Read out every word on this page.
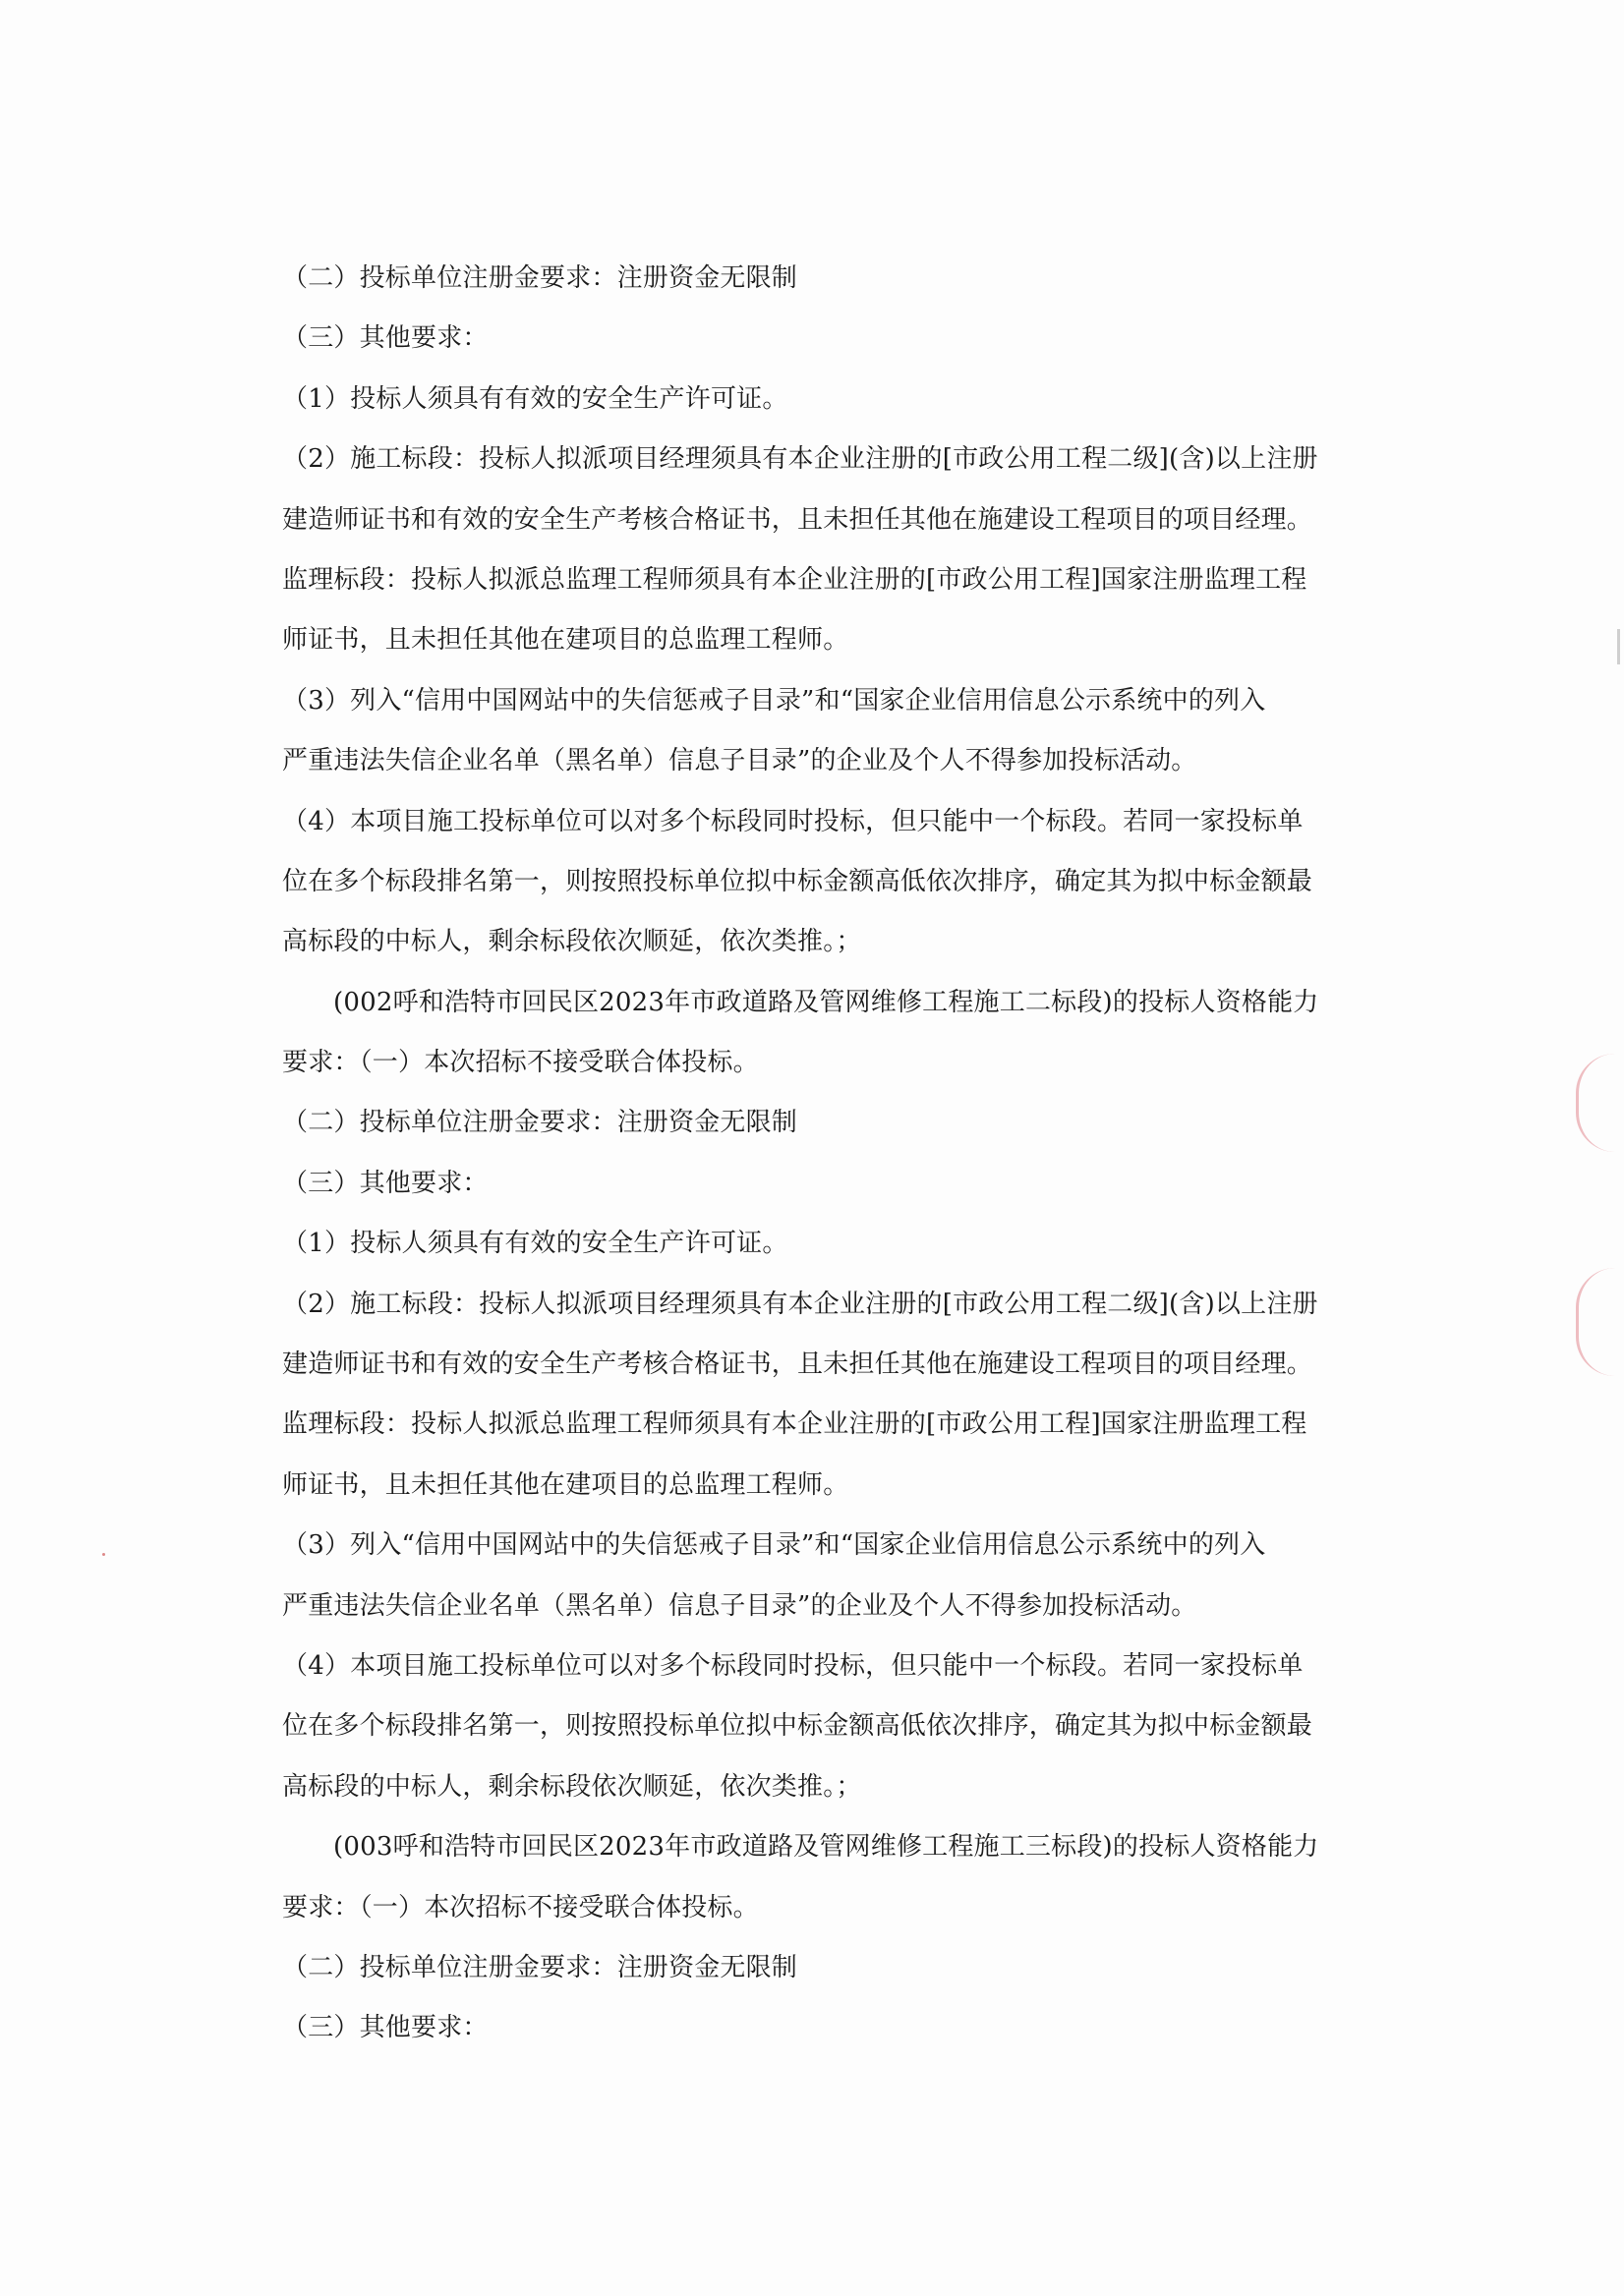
（二）投标单位注册金要求：注册资金无限制
（三）其他要求：
（1）投标人须具有有效的安全生产许可证。
（2）施工标段：投标人拟派项目经理须具有本企业注册的[市政公用工程二级](含)以上注册
建造师证书和有效的安全生产考核合格证书，且未担任其他在施建设工程项目的项目经理。
监理标段：投标人拟派总监理工程师须具有本企业注册的[市政公用工程]国家注册监理工程
师证书，且未担任其他在建项目的总监理工程师。
（3）列入“信用中国网站中的失信惩戒子目录”和“国家企业信用信息公示系统中的列入
严重违法失信企业名单（黑名单）信息子目录”的企业及个人不得参加投标活动。
（4）本项目施工投标单位可以对多个标段同时投标，但只能中一个标段。若同一家投标单
位在多个标段排名第一，则按照投标单位拟中标金额高低依次排序，确定其为拟中标金额最
高标段的中标人，剩余标段依次顺延，依次类推。；
(002呼和浩特市回民区2023年市政道路及管网维修工程施工二标段)的投标人资格能力
要求：（一）本次招标不接受联合体投标。
（二）投标单位注册金要求：注册资金无限制
（三）其他要求：
（1）投标人须具有有效的安全生产许可证。
（2）施工标段：投标人拟派项目经理须具有本企业注册的[市政公用工程二级](含)以上注册
建造师证书和有效的安全生产考核合格证书，且未担任其他在施建设工程项目的项目经理。
监理标段：投标人拟派总监理工程师须具有本企业注册的[市政公用工程]国家注册监理工程
师证书，且未担任其他在建项目的总监理工程师。
（3）列入“信用中国网站中的失信惩戒子目录”和“国家企业信用信息公示系统中的列入
严重违法失信企业名单（黑名单）信息子目录”的企业及个人不得参加投标活动。
（4）本项目施工投标单位可以对多个标段同时投标，但只能中一个标段。若同一家投标单
位在多个标段排名第一，则按照投标单位拟中标金额高低依次排序，确定其为拟中标金额最
高标段的中标人，剩余标段依次顺延，依次类推。；
(003呼和浩特市回民区2023年市政道路及管网维修工程施工三标段)的投标人资格能力
要求：（一）本次招标不接受联合体投标。
（二）投标单位注册金要求：注册资金无限制
（三）其他要求：
